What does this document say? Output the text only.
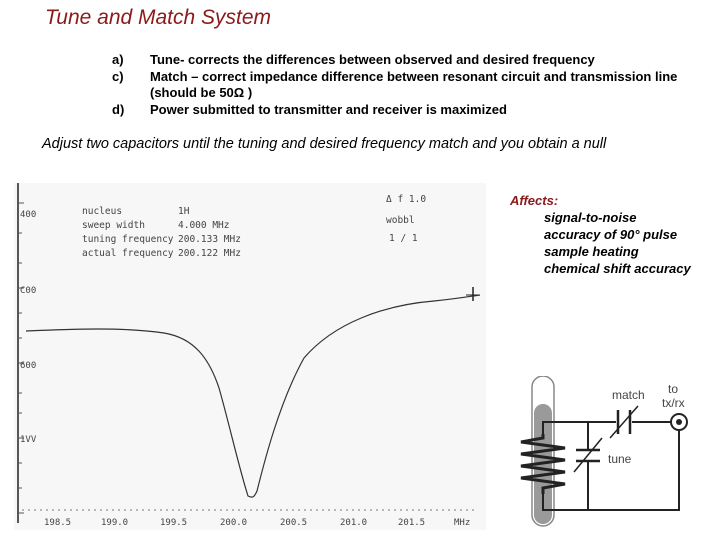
Tune and Match System
a)	Tune- corrects the differences between observed and desired frequency
c)	Match – correct impedance difference between resonant circuit and transmission line (should be 50Ω )
d)	Power submitted to transmitter and receiver is maximized
Adjust two capacitors until the tuning and desired frequency match and you obtain a null
nucleus	1H
sweep width	4.000 MHz
tuning frequency 200.133 MHz
actual frequency 200.122 MHz
Δ f 1.0
wobbl
1 / 1
400
C00
600
1VV
198.5	199.0	199.5	200.0	200.5	201.0	201.5	MHz
Affects:
signal-to-noise
accuracy of 90° pulse
sample heating
chemical shift accuracy
match
tune
to
tx/rx
